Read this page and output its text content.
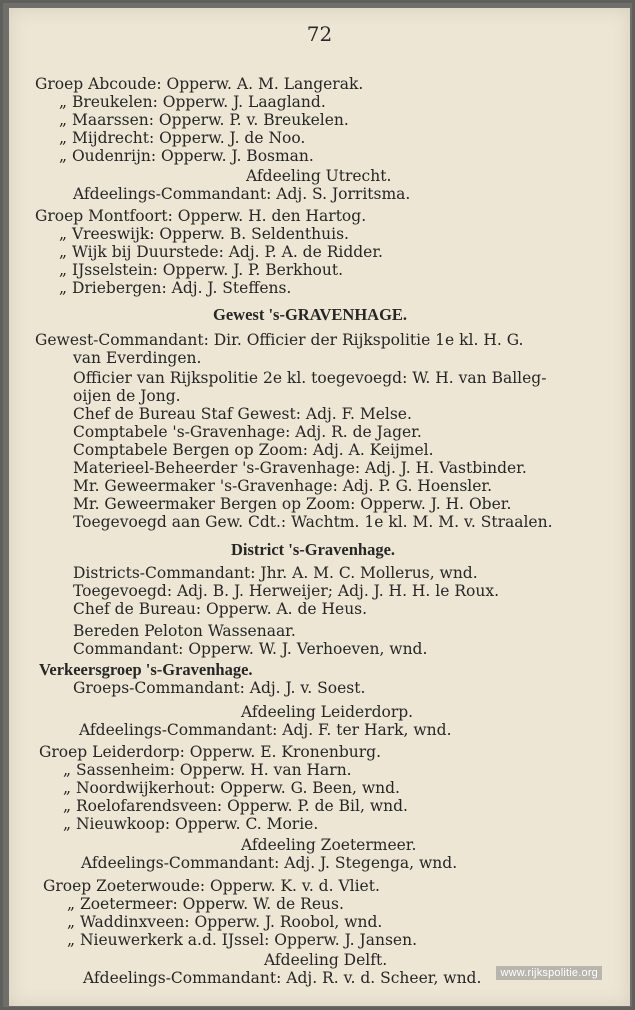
72
Groep Abcoude: Opperw. A. M. Langerak.
„ Breukelen: Opperw. J. Laagland.
„ Maarssen: Opperw. P. v. Breukelen.
„ Mijdrecht: Opperw. J. de Noo.
„ Oudenrijn: Opperw. J. Bosman.
Afdeeling Utrecht.
Afdeelings-Commandant: Adj. S. Jorritsma.
Groep Montfoort: Opperw. H. den Hartog.
„ Vreeswijk: Opperw. B. Seldenthuis.
„ Wijk bij Duurstede: Adj. P. A. de Ridder.
„ IJsselstein: Opperw. J. P. Berkhout.
„ Driebergen: Adj. J. Steffens.
Gewest 's-GRAVENHAGE.
Gewest-Commandant: Dir. Officier der Rijkspolitie 1e kl. H. G.
van Everdingen.
Officier van Rijkspolitie 2e kl. toegevoegd: W. H. van Balleg-
oijen de Jong.
Chef de Bureau Staf Gewest: Adj. F. Melse.
Comptabele 's-Gravenhage: Adj. R. de Jager.
Comptabele Bergen op Zoom: Adj. A. Keijmel.
Materieel-Beheerder 's-Gravenhage: Adj. J. H. Vastbinder.
Mr. Geweermaker 's-Gravenhage: Adj. P. G. Hoensler.
Mr. Geweermaker Bergen op Zoom: Opperw. J. H. Ober.
Toegevoegd aan Gew. Cdt.: Wachtm. 1e kl. M. M. v. Straalen.
District 's-Gravenhage.
Districts-Commandant: Jhr. A. M. C. Mollerus, wnd.
Toegevoegd: Adj. B. J. Herweijer; Adj. J. H. H. le Roux.
Chef de Bureau: Opperw. A. de Heus.
Bereden Peloton Wassenaar.
Commandant: Opperw. W. J. Verhoeven, wnd.
Verkeersgroep 's-Gravenhage.
Groeps-Commandant: Adj. J. v. Soest.
Afdeeling Leiderdorp.
Afdeelings-Commandant: Adj. F. ter Hark, wnd.
Groep Leiderdorp: Opperw. E. Kronenburg.
„ Sassenheim: Opperw. H. van Harn.
„ Noordwijkerhout: Opperw. G. Been, wnd.
„ Roelofarendsveen: Opperw. P. de Bil, wnd.
„ Nieuwkoop: Opperw. C. Morie.
Afdeeling Zoetermeer.
Afdeelings-Commandant: Adj. J. Stegenga, wnd.
Groep Zoeterwoude: Opperw. K. v. d. Vliet.
„ Zoetermeer: Opperw. W. de Reus.
„ Waddinxveen: Opperw. J. Roobol, wnd.
„ Nieuwerkerk a.d. IJssel: Opperw. J. Jansen.
Afdeeling Delft.
Afdeelings-Commandant: Adj. R. v. d. Scheer, wnd.	www.rijkspolitie.org
